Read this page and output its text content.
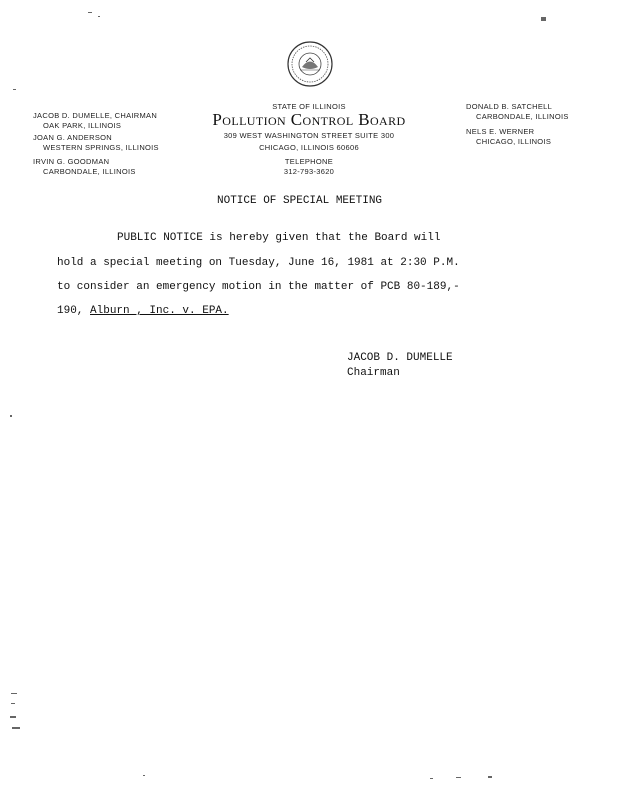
STATE OF ILLINOIS
Pollution Control Board
309 WEST WASHINGTON STREET SUITE 300
CHICAGO, ILLINOIS 60606
TELEPHONE
312-793-3620
JACOB D. DUMELLE, CHAIRMAN
OAK PARK, ILLINOIS
JOAN G. ANDERSON
WESTERN SPRINGS, ILLINOIS
IRVIN G. GOODMAN
CARBONDALE, ILLINOIS
DONALD B. SATCHELL
CARBONDALE, ILLINOIS
NELS E. WERNER
CHICAGO, ILLINOIS
NOTICE OF SPECIAL MEETING
PUBLIC NOTICE is hereby given that the Board will
hold a special meeting on Tuesday, June 16, 1981 at 2:30 P.M.
to consider an emergency motion in the matter of PCB 80-189,-
190, Alburn , Inc. v. EPA.
JACOB D. DUMELLE
Chairman
